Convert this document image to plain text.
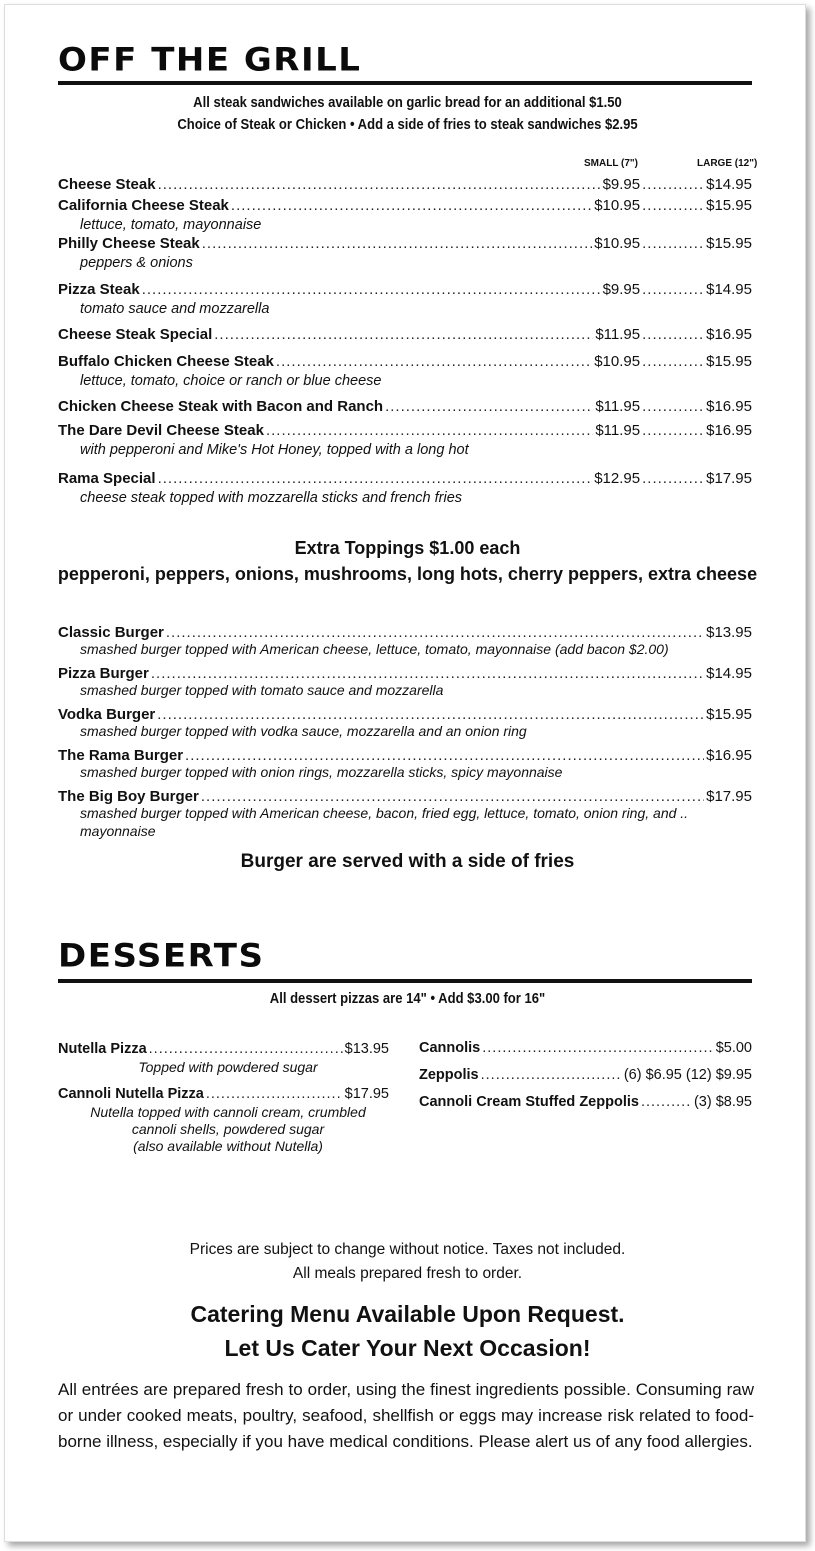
OFF THE GRILL
All steak sandwiches available on garlic bread for an additional $1.50
Choice of Steak or Chicken • Add a side of fries to steak sandwiches $2.95
SMALL (7")	LARGE (12")
Cheese Steak .....	$9.95 .....	$14.95
California Cheese Steak .....	$10.95 .....	$15.95
lettuce, tomato, mayonnaise
Philly Cheese Steak .....	$10.95 .....	$15.95
peppers & onions
Pizza Steak .....	$9.95 .....	$14.95
tomato sauce and mozzarella
Cheese Steak Special .....	$11.95 .....	$16.95
Buffalo Chicken Cheese Steak .....	$10.95 .....	$15.95
lettuce, tomato, choice or ranch or blue cheese
Chicken Cheese Steak with Bacon and Ranch .....	$11.95 .....	$16.95
The Dare Devil Cheese Steak .....	$11.95 .....	$16.95
with pepperoni and Mike's Hot Honey, topped with a long hot
Rama Special .....	$12.95 .....	$17.95
cheese steak topped with mozzarella sticks and french fries
Extra Toppings $1.00 each
pepperoni, peppers, onions, mushrooms, long hots, cherry peppers, extra cheese
Classic Burger .....	$13.95
smashed burger topped with American cheese, lettuce, tomato, mayonnaise (add bacon $2.00)
Pizza Burger .....	$14.95
smashed burger topped with tomato sauce and mozzarella
Vodka Burger .....	$15.95
smashed burger topped with vodka sauce, mozzarella and an onion ring
The Rama Burger .....	$16.95
smashed burger topped with onion rings, mozzarella sticks, spicy mayonnaise
The Big Boy Burger .....	$17.95
smashed burger topped with American cheese, bacon, fried egg, lettuce, tomato, onion ring, and ..
mayonnaise
Burger are served with a side of fries
DESSERTS
All dessert pizzas are 14" • Add $3.00 for 16"
Nutella Pizza .....	$13.95
Topped with powdered sugar
Cannoli Nutella Pizza .....	$17.95
Nutella topped with cannoli cream, crumbled
cannoli shells, powdered sugar
(also available without Nutella)
Cannolis .....	$5.00
Zeppolis .....	(6) $6.95 (12) $9.95
Cannoli Cream Stuffed Zeppolis .....	(3) $8.95
Prices are subject to change without notice. Taxes not included.
All meals prepared fresh to order.
Catering Menu Available Upon Request.
Let Us Cater Your Next Occasion!
All entrées are prepared fresh to order, using the finest ingredients possible. Consuming raw or under cooked meats, poultry, seafood, shellfish or eggs may increase risk related to food-borne illness, especially if you have medical conditions. Please alert us of any food allergies.
